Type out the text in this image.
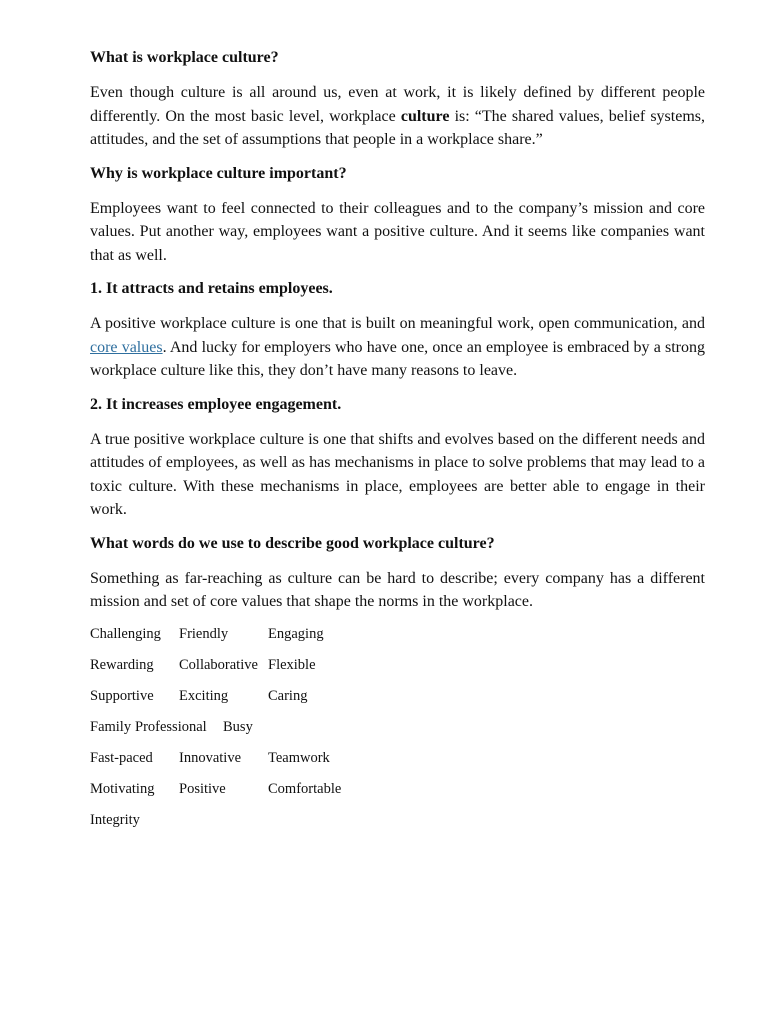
What is workplace culture?

Even though culture is all around us, even at work, it is likely defined by different people differently. On the most basic level, workplace culture is: “The shared values, belief systems, attitudes, and the set of assumptions that people in a workplace share.”

Why is workplace culture important?

Employees want to feel connected to their colleagues and to the company’s mission and core values. Put another way, employees want a positive culture. And it seems like companies want that as well.

1. It attracts and retains employees.

A positive workplace culture is one that is built on meaningful work, open communication, and core values. And lucky for employers who have one, once an employee is embraced by a strong workplace culture like this, they don’t have many reasons to leave.

2. It increases employee engagement.

A true positive workplace culture is one that shifts and evolves based on the different needs and attitudes of employees, as well as has mechanisms in place to solve problems that may lead to a toxic culture. With these mechanisms in place, employees are better able to engage in their work.

What words do we use to describe good workplace culture?

Something as far-reaching as culture can be hard to describe; every company has a different mission and set of core values that shape the norms in the workplace.

Challenging Friendly	Engaging
Rewarding Collaborative Flexible
Supportive Exciting	Caring
Family Professional Busy
Fast-paced Innovative Teamwork
Motivating Positive	Comfortable
Integrity
